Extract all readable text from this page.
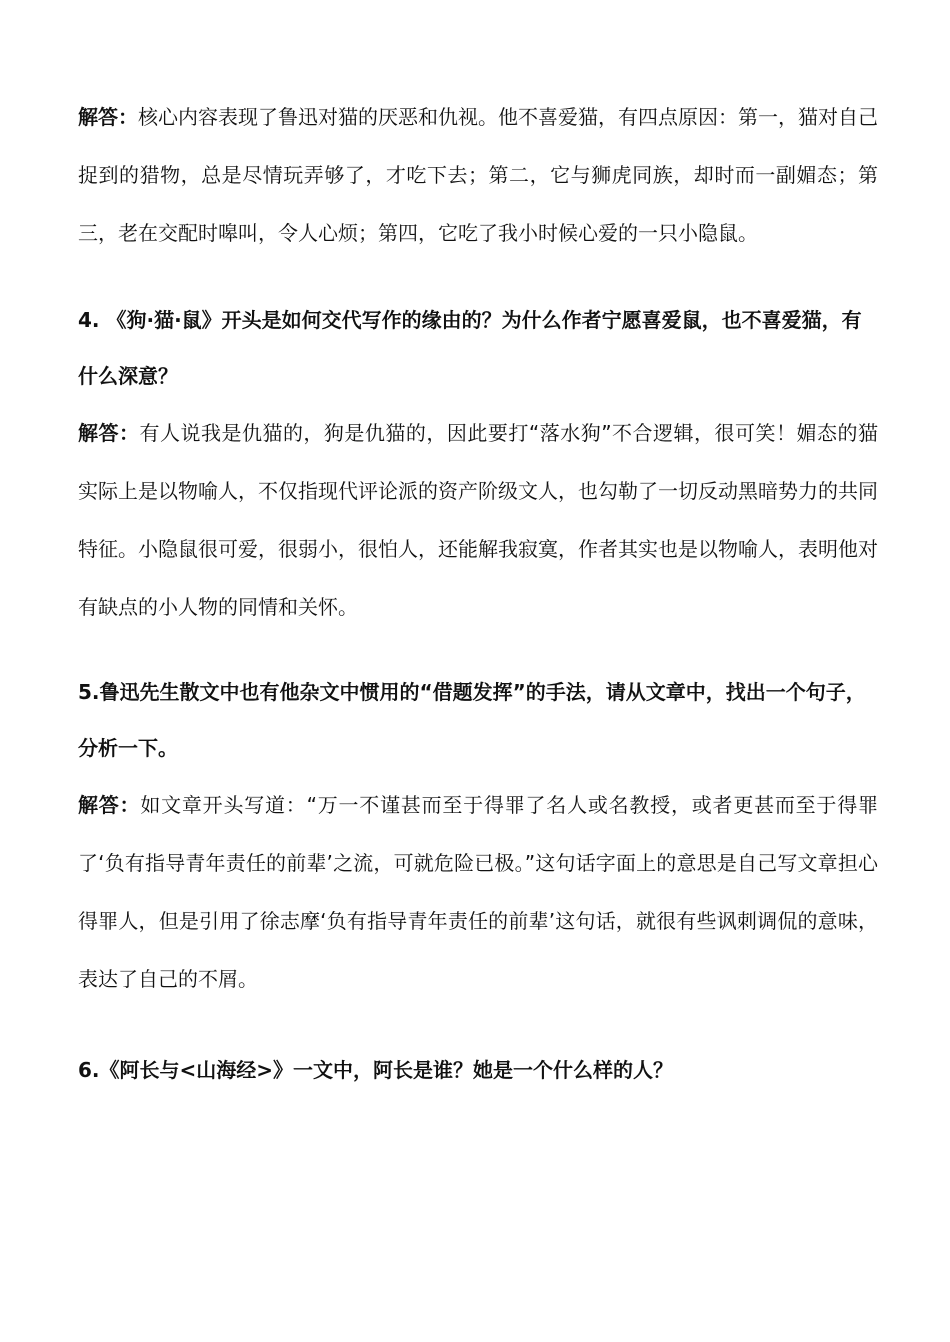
解答：核心内容表现了鲁迅对猫的厌恶和仇视。他不喜爱猫，有四点原因：第一，猫对自己捉到的猎物，总是尽情玩弄够了，才吃下去；第二，它与狮虎同族，却时而一副媚态；第三，老在交配时嗥叫，令人心烦；第四，它吃了我小时候心爱的一只小隐鼠。

4. 《狗·猫·鼠》开头是如何交代写作的缘由的？为什么作者宁愿喜爱鼠，也不喜爱猫，有什么深意？

解答：有人说我是仇猫的，狗是仇猫的，因此要打“落水狗”不合逻辑，很可笑！媚态的猫实际上是以物喻人，不仅指现代评论派的资产阶级文人，也勾勒了一切反动黑暗势力的共同特征。小隐鼠很可爱，很弱小，很怕人，还能解我寂寞，作者其实也是以物喻人，表明他对有缺点的小人物的同情和关怀。

5.鲁迅先生散文中也有他杂文中惯用的“借题发挥”的手法，请从文章中，找出一个句子，分析一下。

解答：如文章开头写道：“万一不谨甚而至于得罪了名人或名教授，或者更甚而至于得罪了‘负有指导青年责任的前辈’之流，可就危险已极。”这句话字面上的意思是自己写文章担心得罪人，但是引用了徐志摩‘负有指导青年责任的前辈’这句话，就很有些讽刺调侃的意味，表达了自己的不屑。

6.《阿长与<山海经>》一文中，阿长是谁？她是一个什么样的人？
